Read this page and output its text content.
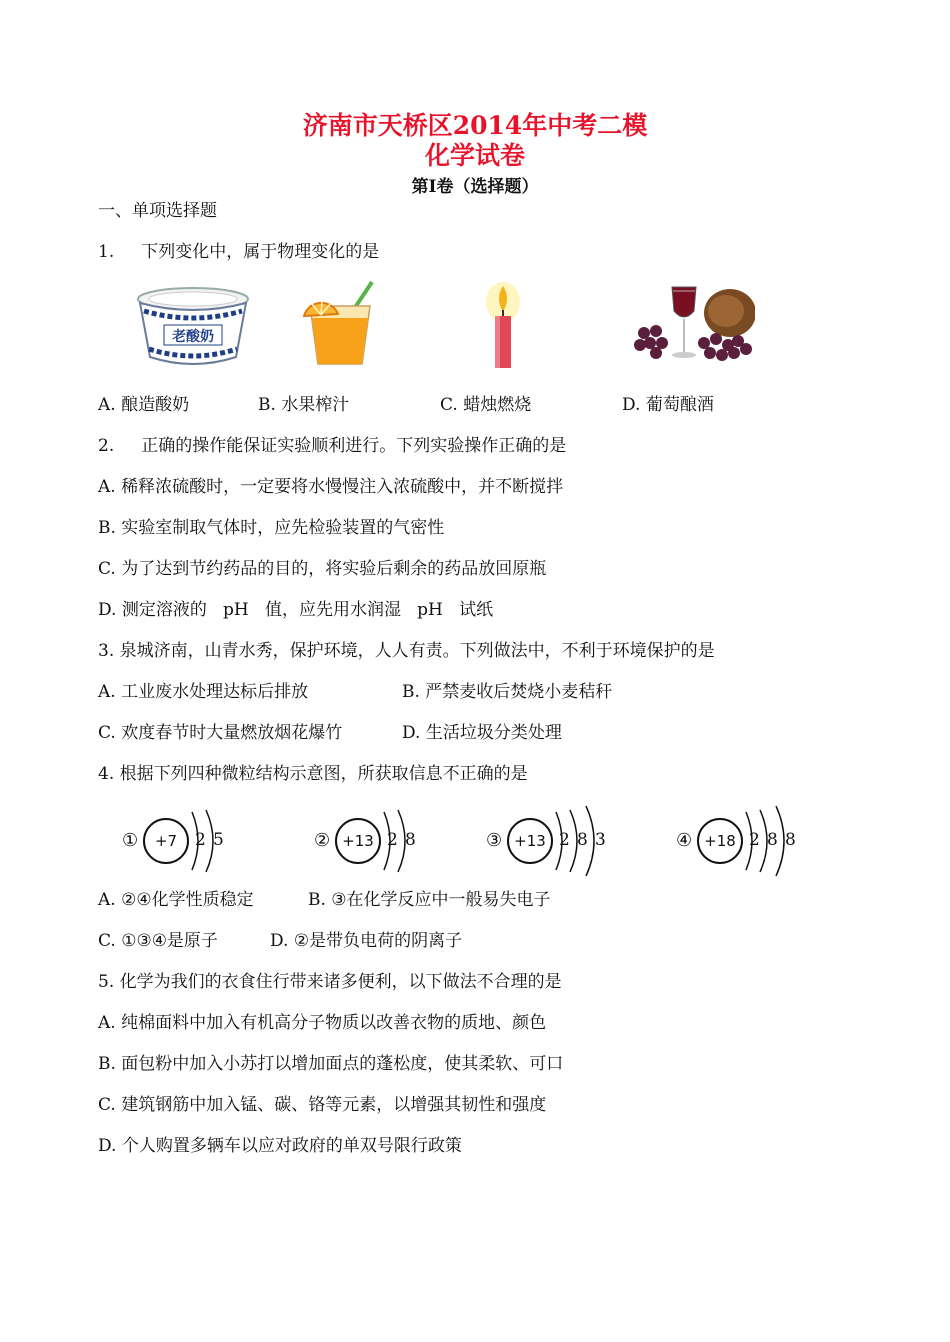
济南市天桥区2014年中考二模
化学试卷
第Ⅰ卷（选择题）
一、单项选择题
1.     下列变化中，属于物理变化的是
老酸奶
A. 酿造酸奶	B. 水果榨汁	C. 蜡烛燃烧	D. 葡萄酿酒
2.     正确的操作能保证实验顺利进行。下列实验操作正确的是
A. 稀释浓硫酸时，一定要将水慢慢注入浓硫酸中，并不断搅拌
B. 实验室制取气体时，应先检验装置的气密性
C. 为了达到节约药品的目的，将实验后剩余的药品放回原瓶
D. 测定溶液的   pH   值，应先用水润湿   pH   试纸
3. 泉城济南，山青水秀，保护环境，人人有责。下列做法中，不利于环境保护的是
A. 工业废水处理达标后排放	B. 严禁麦收后焚烧小麦秸秆
C. 欢度春节时大量燃放烟花爆竹	D. 生活垃圾分类处理
4. 根据下列四种微粒结构示意图，所获取信息不正确的是
①	+7	2 5	② +13 2 8	③ +13 2 8 3	④ +18 2 8 8
A. ②④化学性质稳定	B. ③在化学反应中一般易失电子
C. ①③④是原子	D. ②是带负电荷的阴离子
5. 化学为我们的衣食住行带来诸多便利，以下做法不合理的是
A. 纯棉面料中加入有机高分子物质以改善衣物的质地、颜色
B. 面包粉中加入小苏打以增加面点的蓬松度，使其柔软、可口
C. 建筑钢筋中加入锰、碳、铬等元素，以增强其韧性和强度
D. 个人购置多辆车以应对政府的单双号限行政策
